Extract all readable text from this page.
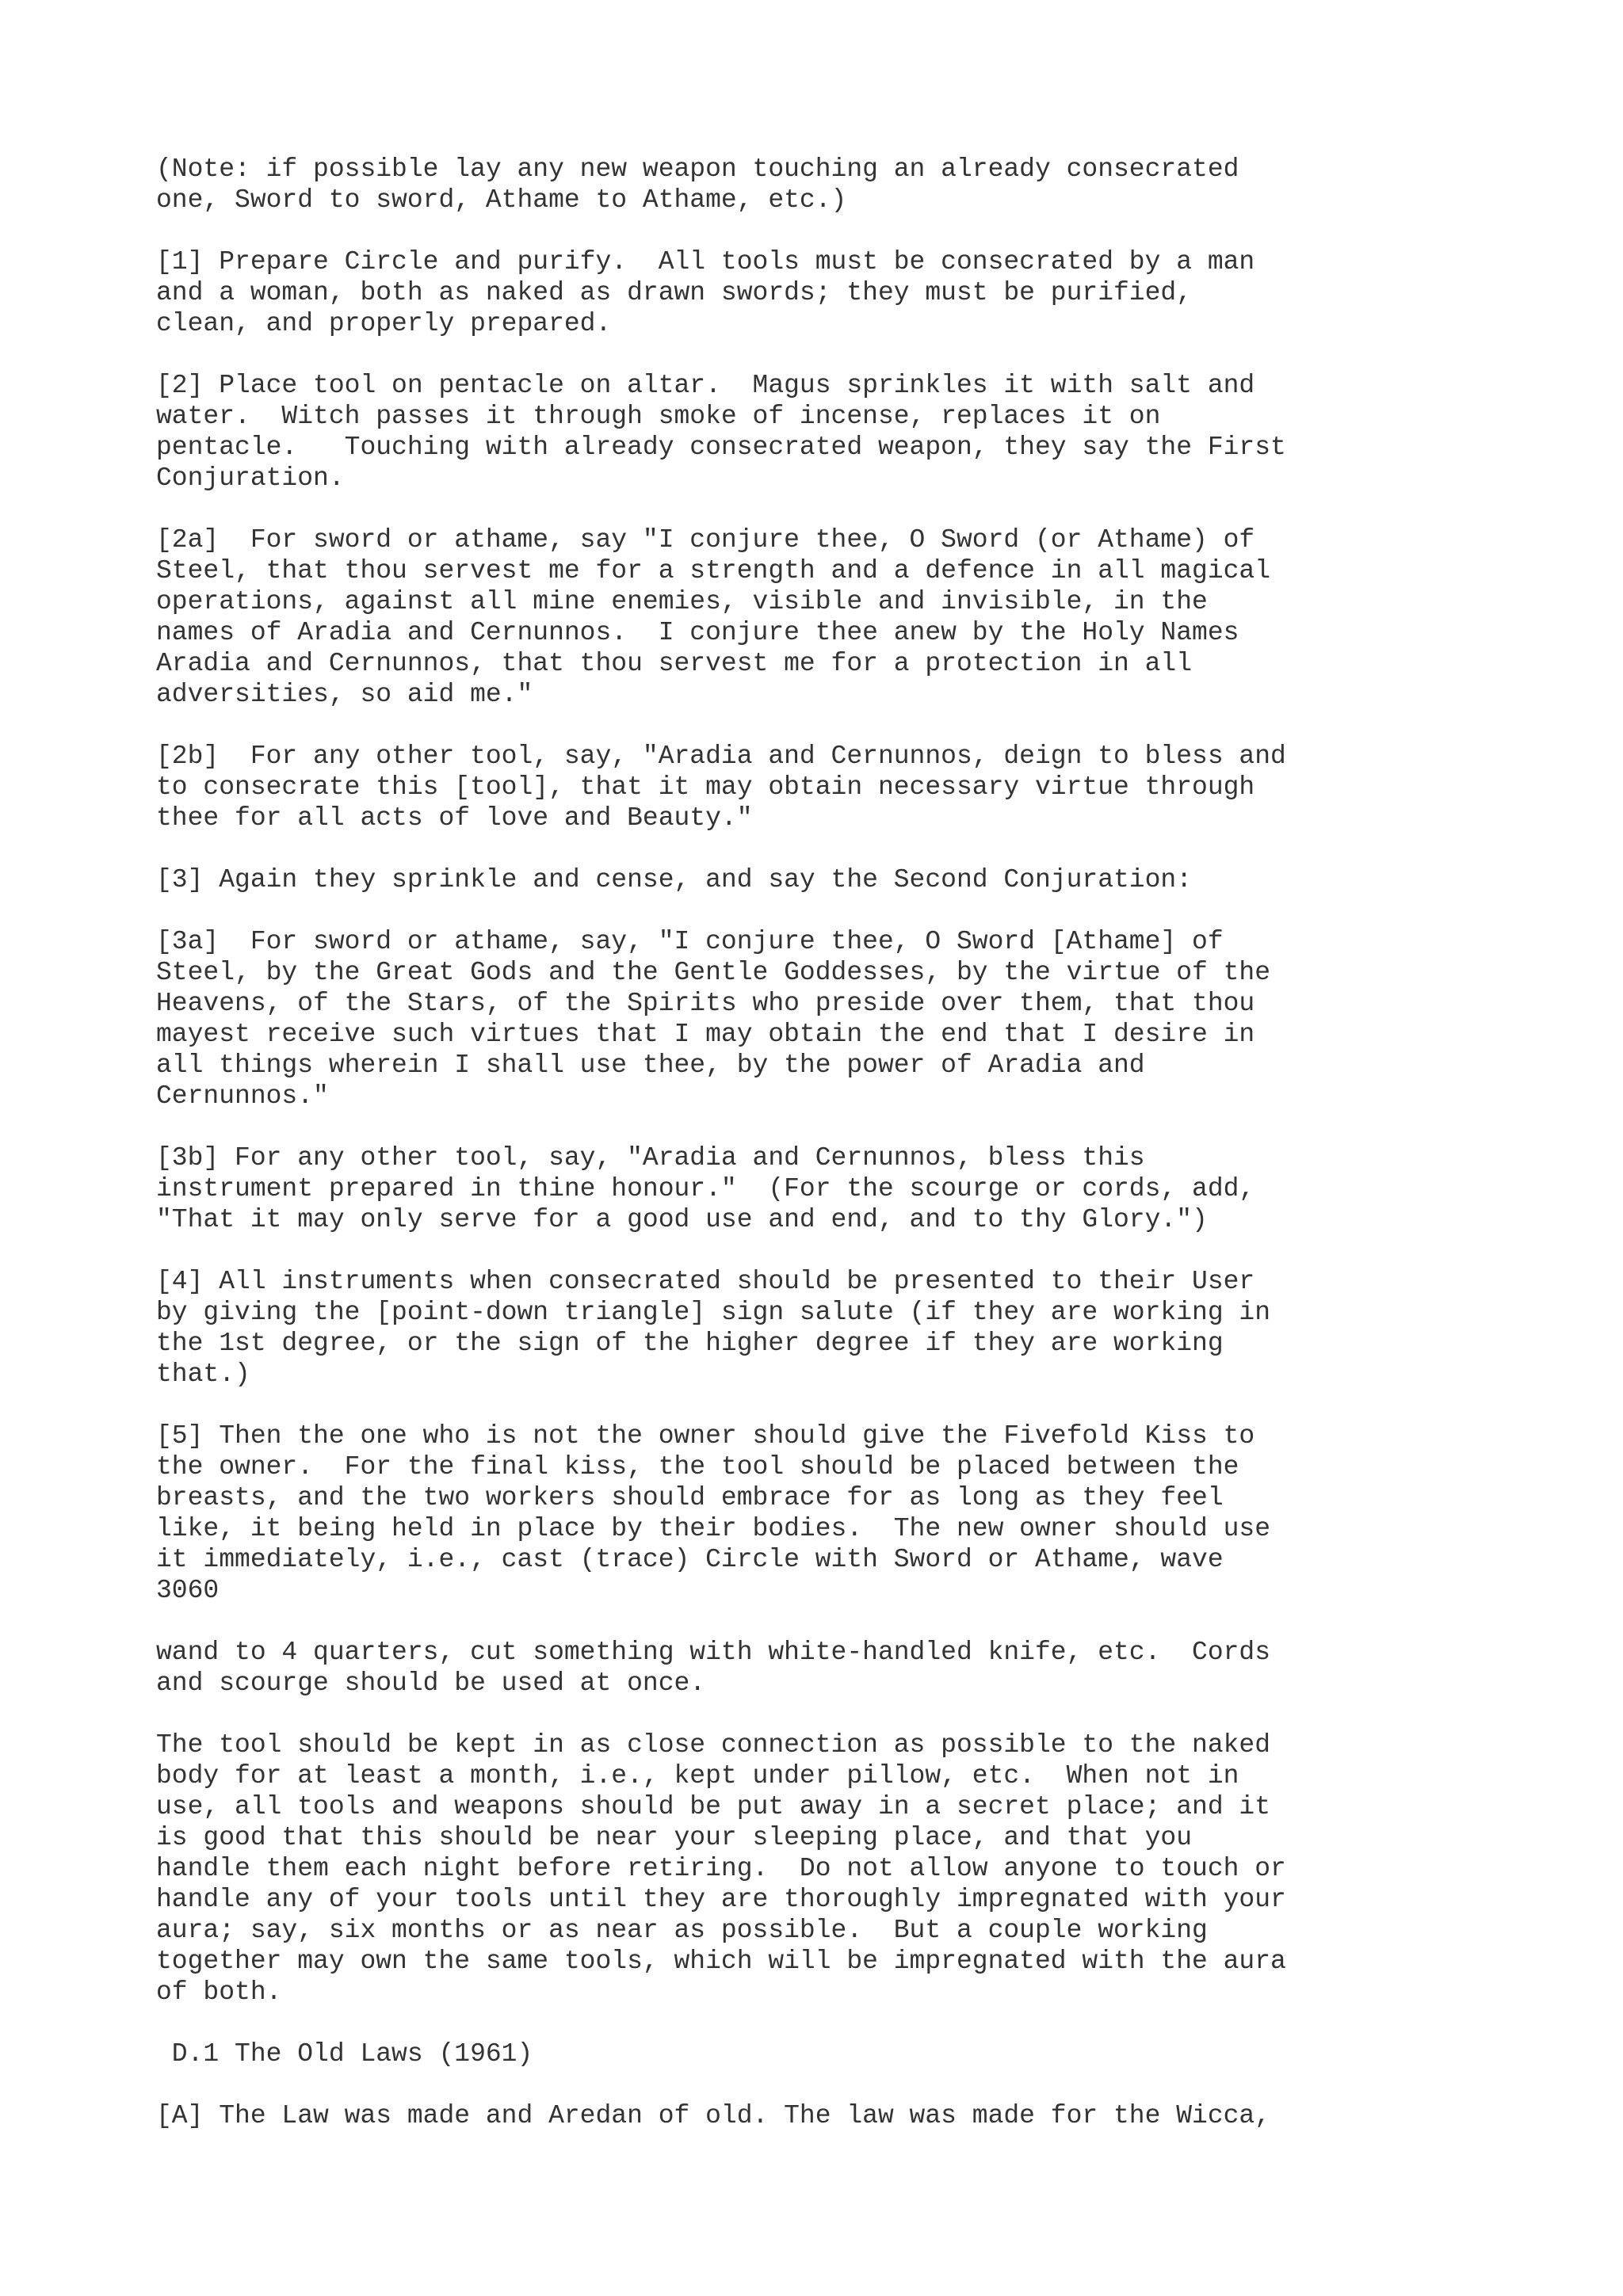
(Note: if possible lay any new weapon touching an already consecrated
one, Sword to sword, Athame to Athame, etc.)

[1] Prepare Circle and purify.  All tools must be consecrated by a man
and a woman, both as naked as drawn swords; they must be purified,
clean, and properly prepared.

[2] Place tool on pentacle on altar.  Magus sprinkles it with salt and
water.  Witch passes it through smoke of incense, replaces it on
pentacle.   Touching with already consecrated weapon, they say the First
Conjuration.

[2a]  For sword or athame, say "I conjure thee, O Sword (or Athame) of
Steel, that thou servest me for a strength and a defence in all magical
operations, against all mine enemies, visible and invisible, in the
names of Aradia and Cernunnos.  I conjure thee anew by the Holy Names
Aradia and Cernunnos, that thou servest me for a protection in all
adversities, so aid me."

[2b]  For any other tool, say, "Aradia and Cernunnos, deign to bless and
to consecrate this [tool], that it may obtain necessary virtue through
thee for all acts of love and Beauty."

[3] Again they sprinkle and cense, and say the Second Conjuration:

[3a]  For sword or athame, say, "I conjure thee, O Sword [Athame] of
Steel, by the Great Gods and the Gentle Goddesses, by the virtue of the
Heavens, of the Stars, of the Spirits who preside over them, that thou
mayest receive such virtues that I may obtain the end that I desire in
all things wherein I shall use thee, by the power of Aradia and
Cernunnos."

[3b] For any other tool, say, "Aradia and Cernunnos, bless this
instrument prepared in thine honour."  (For the scourge or cords, add,
"That it may only serve for a good use and end, and to thy Glory.")

[4] All instruments when consecrated should be presented to their User
by giving the [point-down triangle] sign salute (if they are working in
the 1st degree, or the sign of the higher degree if they are working
that.)

[5] Then the one who is not the owner should give the Fivefold Kiss to
the owner.  For the final kiss, the tool should be placed between the
breasts, and the two workers should embrace for as long as they feel
like, it being held in place by their bodies.  The new owner should use
it immediately, i.e., cast (trace) Circle with Sword or Athame, wave
3060

wand to 4 quarters, cut something with white-handled knife, etc.  Cords
and scourge should be used at once.

The tool should be kept in as close connection as possible to the naked
body for at least a month, i.e., kept under pillow, etc.  When not in
use, all tools and weapons should be put away in a secret place; and it
is good that this should be near your sleeping place, and that you
handle them each night before retiring.  Do not allow anyone to touch or
handle any of your tools until they are thoroughly impregnated with your
aura; say, six months or as near as possible.  But a couple working
together may own the same tools, which will be impregnated with the aura
of both.

D.1 The Old Laws (1961)

[A] The Law was made and Aredan of old. The law was made for the Wicca,
